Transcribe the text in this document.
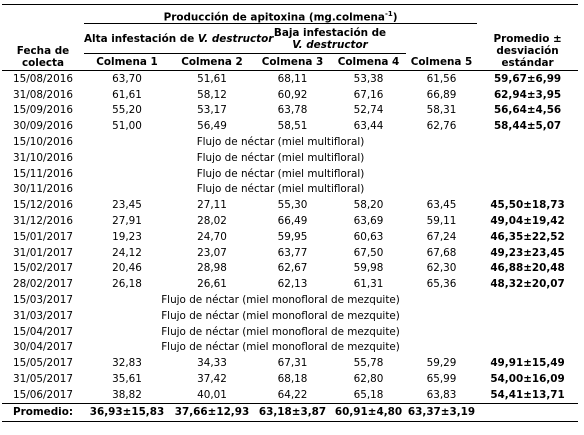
Fecha de
colecta	Producción de apitoxina (mg.colmena$^{-1}$)					Promedio ±
desviación
estándar
	Alta infestación de V. destructor		Baja infestación de
V. destructor			
	Colmena 1	Colmena 2	Colmena 3	Colmena 4	Colmena 5	
15/08/2016	63,70	51,61	68,11	53,38	61,56	59,67±6,99
31/08/2016	61,61	58,12	60,92	67,16	66,89	62,94±3,95
15/09/2016	55,20	53,17	63,78	52,74	58,31	56,64±4,56
30/09/2016	51,00	56,49	58,51	63,44	62,76	58,44±5,07
15/10/2016	Flujo de néctar (miel multifloral)					
31/10/2016	Flujo de néctar (miel multifloral)					
15/11/2016	Flujo de néctar (miel multifloral)					
30/11/2016	Flujo de néctar (miel multifloral)					
15/12/2016	23,45	27,11	55,30	58,20	63,45	45,50±18,73
31/12/2016	27,91	28,02	66,49	63,69	59,11	49,04±19,42
15/01/2017	19,23	24,70	59,95	60,63	67,24	46,35±22,52
31/01/2017	24,12	23,07	63,77	67,50	67,68	49,23±23,45
15/02/2017	20,46	28,98	62,67	59,98	62,30	46,88±20,48
28/02/2017	26,18	26,61	62,13	61,31	65,36	48,32±20,07
15/03/2017	Flujo de néctar (miel monofloral de mezquite)					
31/03/2017	Flujo de néctar (miel monofloral de mezquite)					
15/04/2017	Flujo de néctar (miel monofloral de mezquite)					
30/04/2017	Flujo de néctar (miel monofloral de mezquite)					
15/05/2017	32,83	34,33	67,31	55,78	59,29	49,91±15,49
31/05/2017	35,61	37,42	68,18	62,80	65,99	54,00±16,09
15/06/2017	38,82	40,01	64,22	65,18	63,83	54,41±13,71
Promedio:	36,93±15,83	37,66±12,93	63,18±3,87	60,91±4,80	63,37±3,19	
